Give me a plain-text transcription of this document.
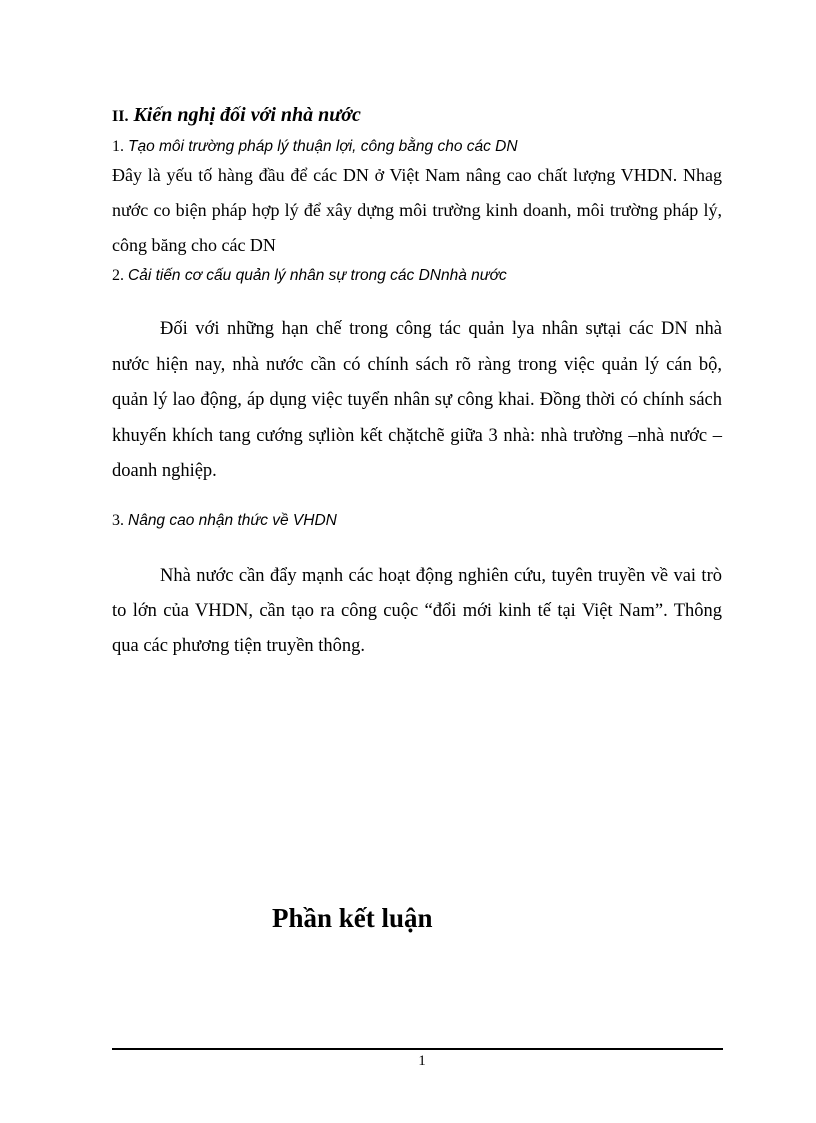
II. Kiến nghị đối với nhà nước
1. Tạo môi trường pháp lý thuận lợi, công bằng cho các DN

Đây là yếu tố hàng đầu để các DN ở Việt Nam nâng cao chất lượng VHDN. Nhag nước co biện pháp hợp lý để xây dựng môi trường kinh doanh, môi trường pháp lý, công băng cho các DN

2. Cải tiến cơ cấu quản lý nhân sự trong các DNnhà nước

Đối với những hạn chế trong công tác quản lya nhân sựtại các DN nhà nước hiện nay, nhà nước cần có chính sách rõ ràng trong việc quản lý cán bộ, quản lý lao động, áp dụng việc tuyển nhân sự công khai. Đồng thời có chính sách khuyến khích tang cướng sựliòn kết chặtchẽ giữa 3 nhà: nhà trường –nhà nước – doanh nghiệp.

3. Nâng cao nhận thức về VHDN

Nhà nước cần đẩy mạnh các hoạt động nghiên cứu, tuyên truyền về vai trò to lớn của VHDN, cần tạo ra công cuộc “đổi mới kinh tế tại Việt Nam”. Thông qua các phương tiện truyền thông.

Phần kết luận
1
